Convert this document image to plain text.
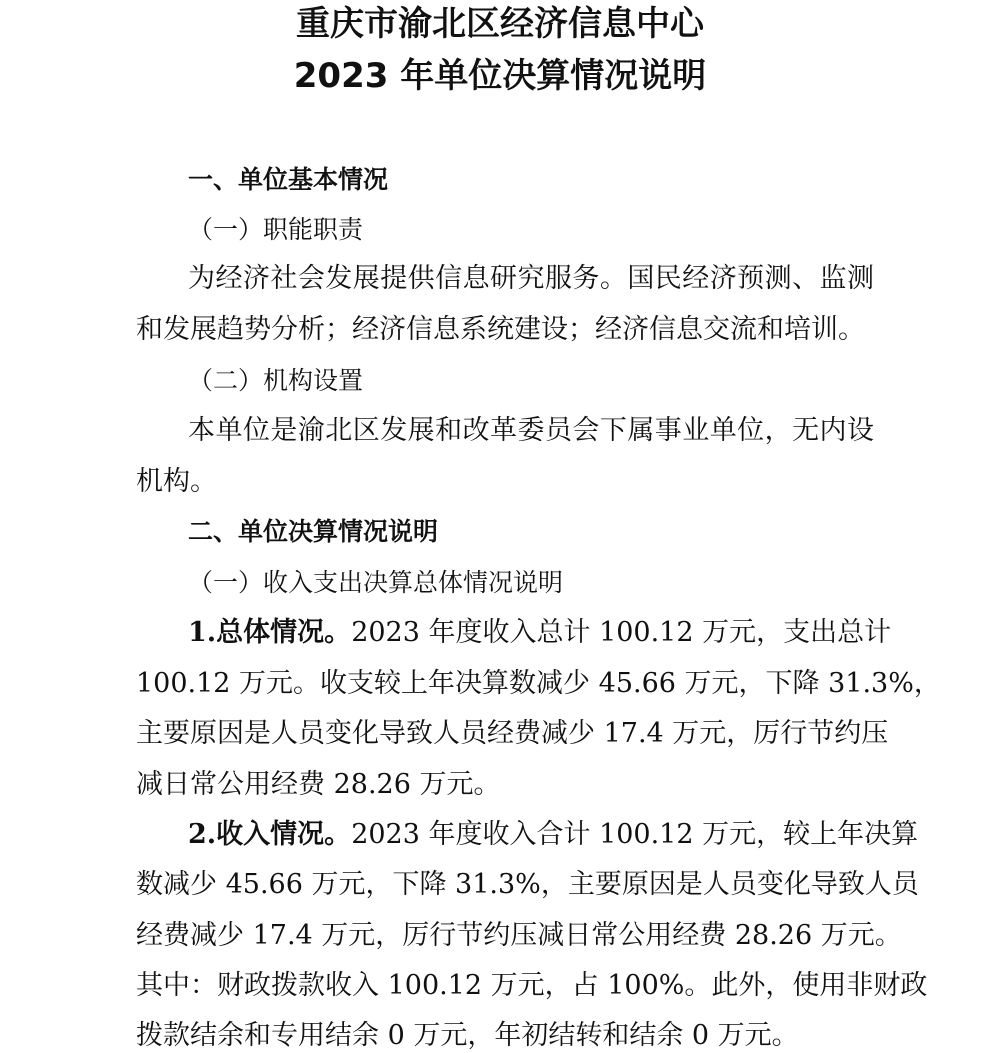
重庆市渝北区经济信息中心
2023 年单位决算情况说明
一、单位基本情况
（一）职能职责
为经济社会发展提供信息研究服务。国民经济预测、监测
和发展趋势分析；经济信息系统建设；经济信息交流和培训。
（二）机构设置
本单位是渝北区发展和改革委员会下属事业单位，无内设
机构。
二、单位决算情况说明
（一）收入支出决算总体情况说明
1.总体情况。2023 年度收入总计 100.12 万元，支出总计
100.12 万元。收支较上年决算数减少 45.66 万元，下降 31.3%，
主要原因是人员变化导致人员经费减少 17.4 万元，厉行节约压
减日常公用经费 28.26 万元。
2.收入情况。2023 年度收入合计 100.12 万元，较上年决算
数减少 45.66 万元，下降 31.3%，主要原因是人员变化导致人员
经费减少 17.4 万元，厉行节约压减日常公用经费 28.26 万元。
其中：财政拨款收入 100.12 万元，占 100%。此外，使用非财政
拨款结余和专用结余 0 万元，年初结转和结余 0 万元。
